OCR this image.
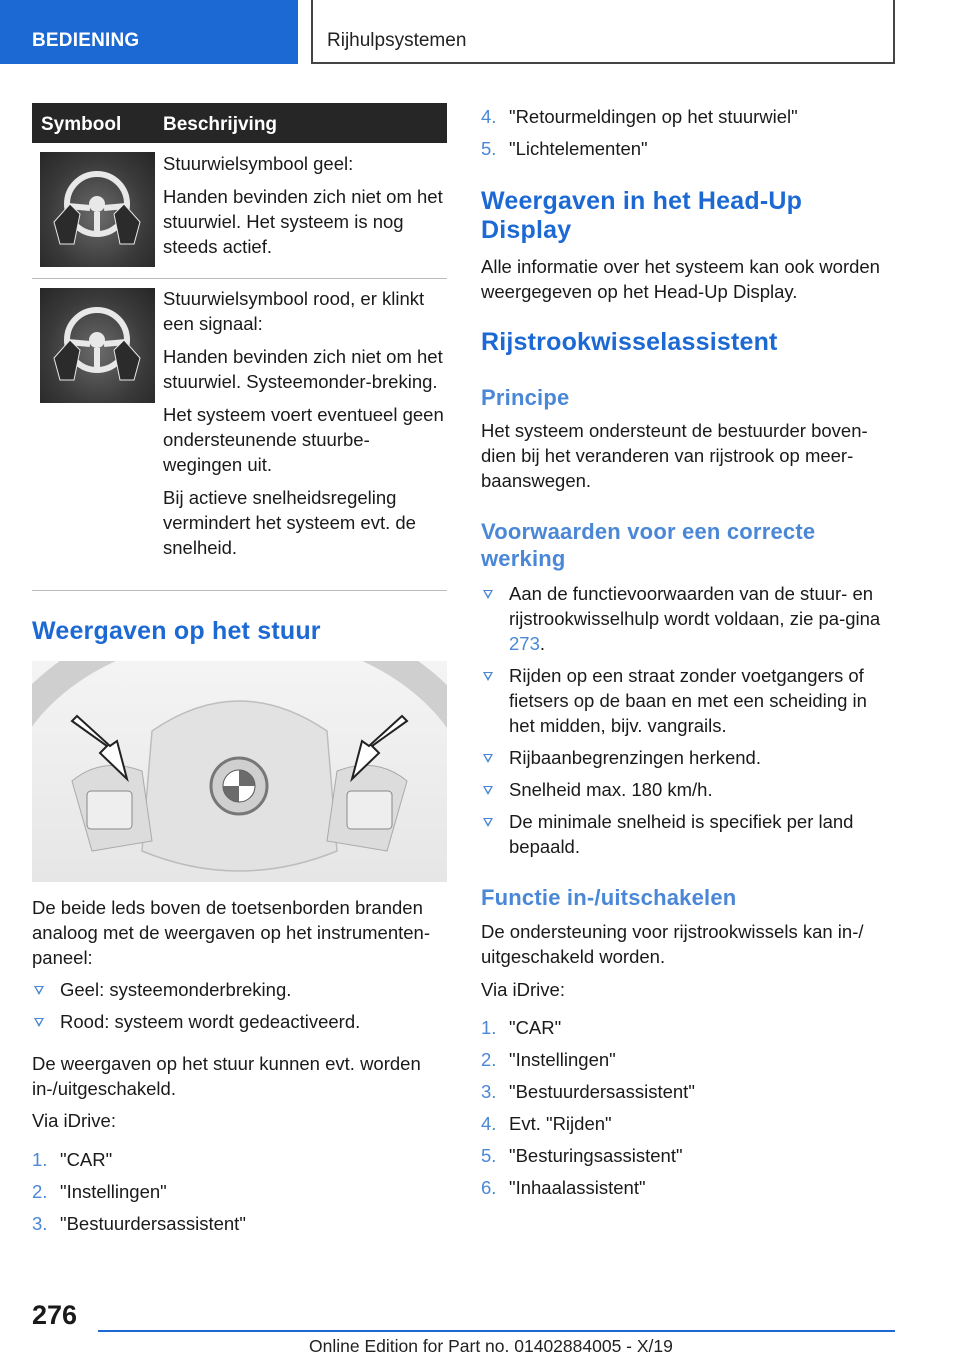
BEDIENING	Rijhulpsystemen
Symbool Beschrijving

Stuurwielsymbool geel:

Handen bevinden zich niet om het stuurwiel. Het systeem is nog steeds actief.

Stuurwielsymbool rood, er klinkt een signaal:

Handen bevinden zich niet om het stuurwiel. Systeemonder-breking.

Het systeem voert eventueel geen ondersteunende stuurbe-wegingen uit.

Bij actieve snelheidsregeling vermindert het systeem evt. de snelheid.

Weergaven op het stuur

De beide leds boven de toetsenborden branden analoog met de weergaven op het instrumenten-paneel:

Geel: systeemonderbreking.
Rood: systeem wordt gedeactiveerd.

De weergaven op het stuur kunnen evt. worden in-/uitgeschakeld.

Via iDrive:

1. "CAR"
2. "Instellingen"
3. "Bestuurdersassistent"
4. "Retourmeldingen op het stuurwiel"
5. "Lichtelementen"
Weergaven in het Head-Up Display

Alle informatie over het systeem kan ook worden weergegeven op het Head-Up Display.

Rijstrookwisselassistent
Principe

Het systeem ondersteunt de bestuurder boven-dien bij het veranderen van rijstrook op meer-baanswegen.

Voorwaarden voor een correcte werking
Aan de functievoorwaarden van de stuur- en rijstrookwisselhulp wordt voldaan, zie pa-gina 273.
Rijden op een straat zonder voetgangers of fietsers op de baan en met een scheiding in het midden, bijv. vangrails.
Rijbaanbegrenzingen herkend.
Snelheid max. 180 km/h.
De minimale snelheid is specifiek per land bepaald.
Functie in-/uitschakelen

De ondersteuning voor rijstrookwissels kan in-/ uitgeschakeld worden.

Via iDrive:

1. "CAR"
2. "Instellingen"
3. "Bestuurdersassistent"
4. Evt. "Rijden"
5. "Besturingsassistent"
6. "Inhaalassistent"
276
Online Edition for Part no. 01402884005 - X/19
